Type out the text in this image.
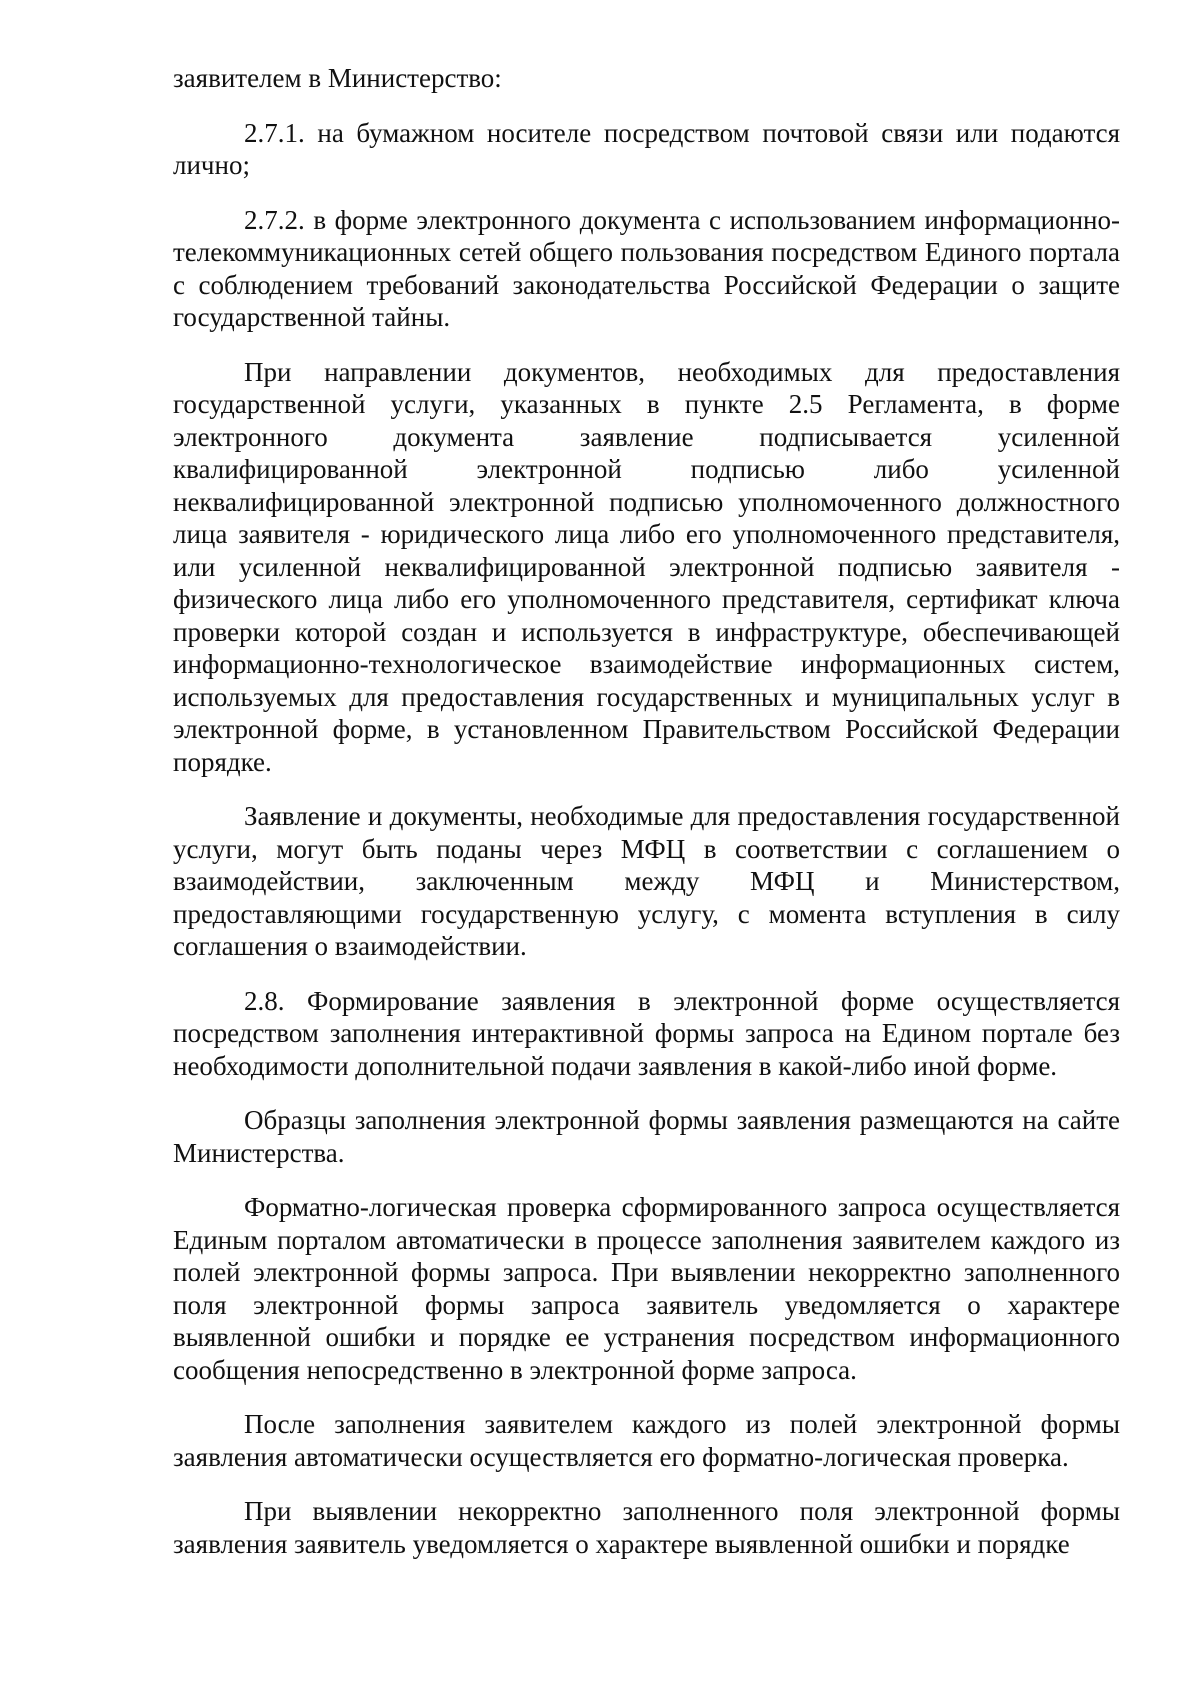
заявителем в Министерство:

2.7.1. на бумажном носителе посредством почтовой связи или подаются лично;

2.7.2. в форме электронного документа с использованием информационно-телекоммуникационных сетей общего пользования посредством Единого портала с соблюдением требований законодательства Российской Федерации о защите государственной тайны.

При направлении документов, необходимых для предоставления государственной услуги, указанных в пункте 2.5 Регламента, в форме электронного документа заявление подписывается усиленной квалифицированной электронной подписью либо усиленной неквалифицированной электронной подписью уполномоченного должностного лица заявителя - юридического лица либо его уполномоченного представителя, или усиленной неквалифицированной электронной подписью заявителя - физического лица либо его уполномоченного представителя, сертификат ключа проверки которой создан и используется в инфраструктуре, обеспечивающей информационно-технологическое взаимодействие информационных систем, используемых для предоставления государственных и муниципальных услуг в электронной форме, в установленном Правительством Российской Федерации порядке.

Заявление и документы, необходимые для предоставления государственной услуги, могут быть поданы через МФЦ в соответствии с соглашением о взаимодействии, заключенным между МФЦ и Министерством, предоставляющими государственную услугу, с момента вступления в силу соглашения о взаимодействии.

2.8. Формирование заявления в электронной форме осуществляется посредством заполнения интерактивной формы запроса на Едином портале без необходимости дополнительной подачи заявления в какой-либо иной форме.

Образцы заполнения электронной формы заявления размещаются на сайте Министерства.

Форматно-логическая проверка сформированного запроса осуществляется Единым порталом автоматически в процессе заполнения заявителем каждого из полей электронной формы запроса. При выявлении некорректно заполненного поля электронной формы запроса заявитель уведомляется о характере выявленной ошибки и порядке ее устранения посредством информационного сообщения непосредственно в электронной форме запроса.

После заполнения заявителем каждого из полей электронной формы заявления автоматически осуществляется его форматно-логическая проверка.

При выявлении некорректно заполненного поля электронной формы заявления заявитель уведомляется о характере выявленной ошибки и порядке
